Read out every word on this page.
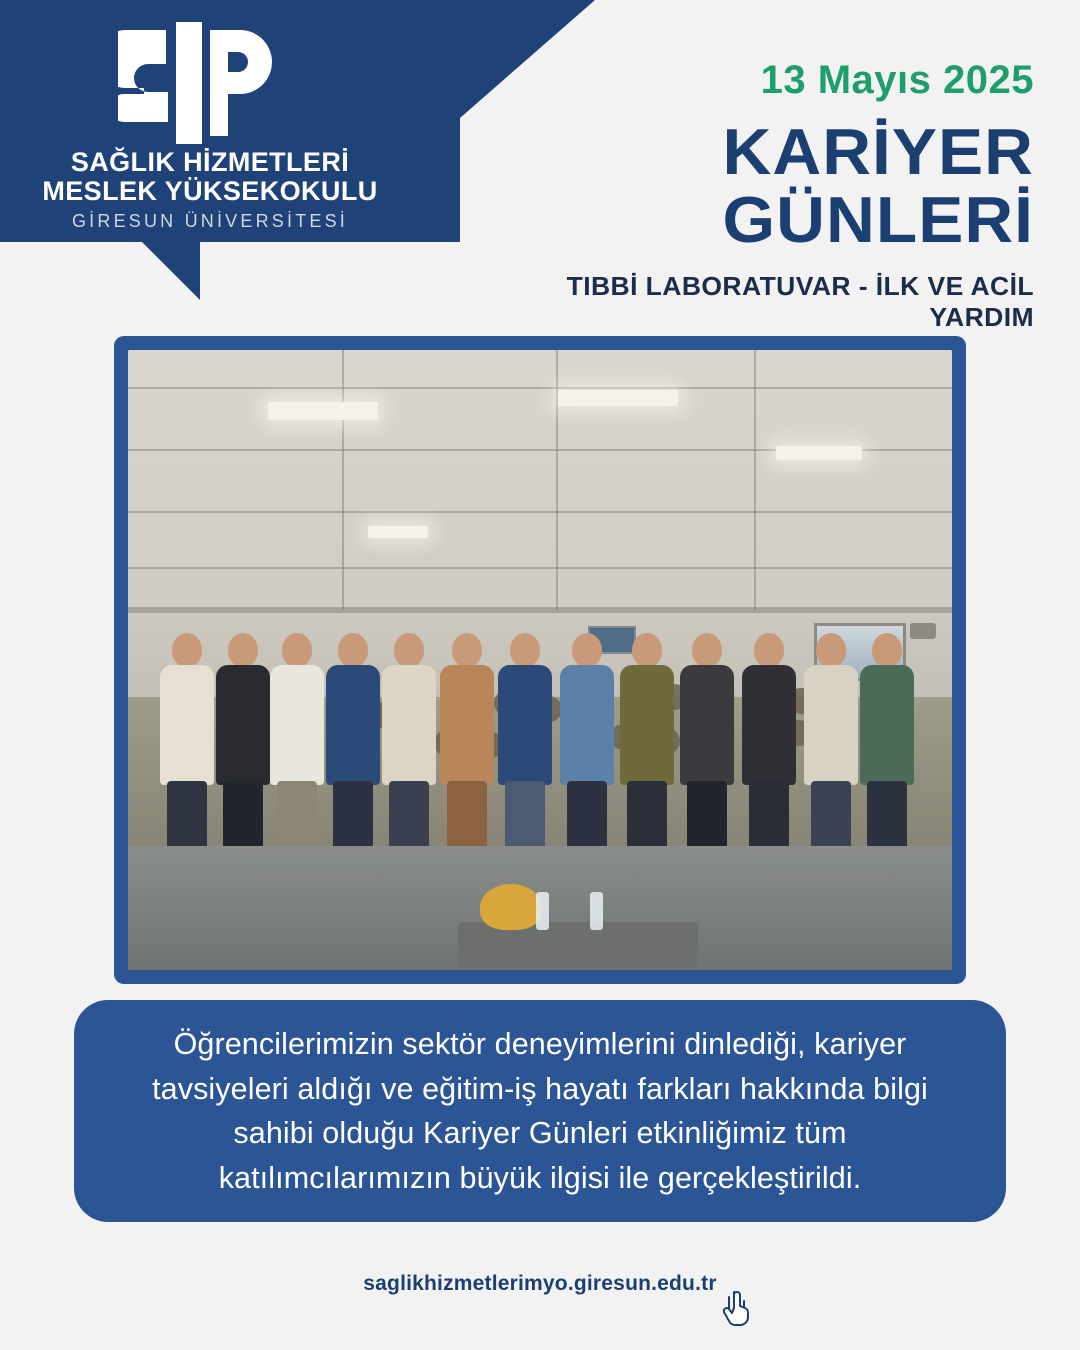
SAĞLIK HİZMETLERİ
MESLEK YÜKSEKOKULU
GİRESUN ÜNİVERSİTESİ
13 Mayıs 2025
KARİYER GÜNLERİ
TIBBİ LABORATUVAR - İLK VE ACİL YARDIM
Öğrencilerimizin sektör deneyimlerini dinlediği, kariyer tavsiyeleri aldığı ve eğitim-iş hayatı farkları hakkında bilgi sahibi olduğu Kariyer Günleri etkinliğimiz tüm katılımcılarımızın büyük ilgisi ile gerçekleştirildi.
saglikhizmetlerimyo.giresun.edu.tr
